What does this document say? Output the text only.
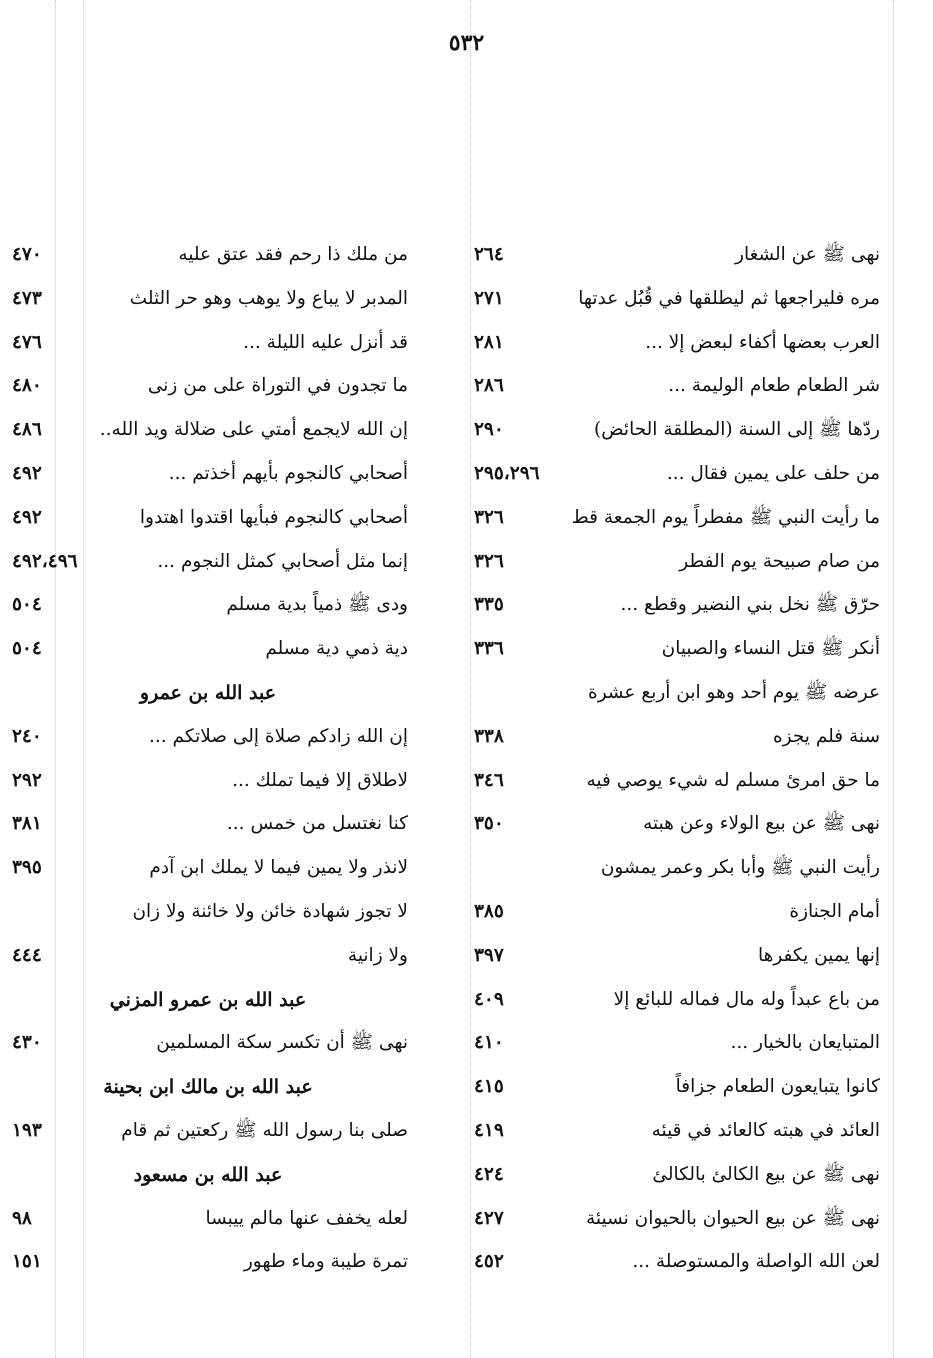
٥٣٢
نهى ﷺ عن الشغار
٢٦٤
مره فليراجعها ثم ليطلقها في قُبُل عدتها
٢٧١
العرب بعضها أكفاء لبعض إلا ...
٢٨١
شر الطعام طعام الوليمة ...
٢٨٦
ردّها ﷺ إلى السنة (المطلقة الحائض)
٢٩٠
من حلف على يمين فقال ...
٢٩٥،٢٩٦
ما رأيت النبي ﷺ مفطراً يوم الجمعة قط
٣٢٦
من صام صبيحة يوم الفطر
٣٢٦
حرّق ﷺ نخل بني النضير وقطع ...
٣٣٥
أنكر ﷺ قتل النساء والصبيان
٣٣٦
عرضه ﷺ يوم أحد وهو ابن أربع عشرة
سنة فلم يجزه
٣٣٨
ما حق امرئ مسلم له شيء يوصي فيه
٣٤٦
نهى ﷺ عن بيع الولاء وعن هبته
٣٥٠
رأيت النبي ﷺ وأبا بكر وعمر يمشون
أمام الجنازة
٣٨٥
إنها يمين يكفرها
٣٩٧
من باع عبداً وله مال فماله للبائع إلا
٤٠٩
المتبايعان بالخيار ...
٤١٠
كانوا يتبايعون الطعام جزافاً
٤١٥
العائد في هبته كالعائد في قيئه
٤١٩
نهى ﷺ عن بيع الكالئ بالكالئ
٤٢٤
نهى ﷺ عن بيع الحيوان بالحيوان نسيئة
٤٢٧
لعن الله الواصلة والمستوصلة ...
٤٥٢
من ملك ذا رحم فقد عتق عليه
٤٧٠
المدبر لا يباع ولا يوهب وهو حر الثلث
٤٧٣
قد أنزل عليه الليلة ...
٤٧٦
ما تجدون في التوراة على من زنى
٤٨٠
إن الله لايجمع أمتي على ضلالة ويد الله..
٤٨٦
أصحابي كالنجوم بأيهم أخذتم ...
٤٩٢
أصحابي كالنجوم فبأيها اقتدوا اهتدوا
٤٩٢
إنما مثل أصحابي كمثل النجوم ...
٤٩٢،٤٩٦
ودى ﷺ ذمياً بدية مسلم
٥٠٤
دية ذمي دية مسلم
٥٠٤
عبد الله بن عمرو
إن الله زادكم صلاة إلى صلاتكم ...
٢٤٠
لاطلاق إلا فيما تملك ...
٢٩٢
كنا نغتسل من خمس ...
٣٨١
لانذر ولا يمين فيما لا يملك ابن آدم
٣٩٥
لا تجوز شهادة خائن ولا خائنة ولا زان
ولا زانية
٤٤٤
عبد الله بن عمرو المزني
نهى ﷺ أن تكسر سكة المسلمين
٤٣٠
عبد الله بن مالك ابن بحينة
صلى بنا رسول الله ﷺ ركعتين ثم قام
١٩٣
عبد الله بن مسعود
لعله يخفف عنها مالم ييبسا
٩٨
تمرة طيبة وماء طهور
١٥١
